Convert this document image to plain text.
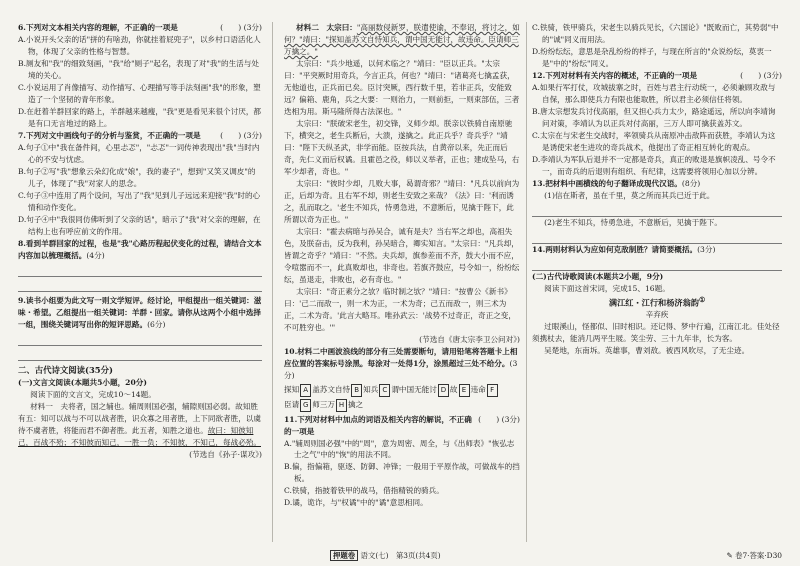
6.下列对文本相关内容的理解，不正确的一项是	(　　) (3分)

A.小说开头父亲的话"拼的有啥劲，你就挂着屁兜子"，以乡村口语活化人物，体现了父亲的性格与智慧。

B.厕友和"我"的细致刻画，"我"给"厕子"起名，表现了对"我"的生活与处境的关心。

C.小说运用了肖像描写、动作描写、心理描写等手法刻画"我"的形象，塑造了一个坚韧的青年形象。

D.在赶着羊群回家的路上，羊群越来越瘦，"我"更是看见来很个讨厌，都是有口无言地过的路上。

7.下列对文中画线句子的分析与鉴赏，不正确的一项是	(　　) (3分)

A.句子①中"我在备件间，心里忐忑"，"忐忑"一词传神表现出"我"当时内心的不安与忧虑。

B.句子②写"我"想象云朵幻化成"娘"，我的妻子"，想到"又笑又调皮"的儿子，体现了"我"对家人的思念。

C.句子③中连用了两个设问，写出了"我"见到儿子远远来迎接"我"时的心情和动作变化。

D.句子④中"我很同仿佛听到了父亲的话"，暗示了"我"对父亲的理解，在结构上也有呼应前文的作用。

8.看到羊群回家的过程，也是"我"心路历程起伏变化的过程，请结合文本内容加以梳理概括。(4分)

9.读书小组要为此文写一则文学短评。经讨论，甲组提出一组关键词：滋味・希望。乙组提出一组关键词：羊群・回家。请你从这两个小组中选择一组，围绕关键词写出你的短评思路。(6分)

二、古代诗文阅读(35分)

(一)文言文阅读(本题共5小题，20分)

阅读下面的文言文，完成10～14题。

材料一　夫将者，国之辅也。辅周则国必强，辅隙则国必弱。故知胜有五：知可以战与不可以战者胜，识众寡之用者胜，上下同欲者胜，以虞待不虞者胜，将能而君不御者胜。此五者，知胜之道也。故曰：知彼知己，百战不殆；不知彼而知己，一胜一负；不知彼，不知己，每战必殆。

(节选自《孙子·谋攻》)

材料二　太宗曰："高丽数侵新罗，朕遣使谕，不奉诏，将讨之，如何？"靖曰："探知盖苏文自恃知兵，谓中国无能讨，故违命。臣请师三万擒之。"

太宗曰："兵少地遥，以何术临之？"靖曰："臣以正兵。"太宗曰："平突厥时用奇兵，今言正兵，何也？"靖曰："诸葛亮七擒孟获，无他道也，正兵而已矣。臣讨突厥，西行数千里，若非正兵，安能致远？偏箱、鹿角，兵之大要：一则治力，一则前拒，一则束部伍，三者迭相为用。斯马隆所得古法深也。"

太宗曰："朕破宋老生，初交锋，义师少却。朕亲以铁骑自南原驰下，横突之，老生兵断后，大溃，遂擒之。此正兵乎？奇兵乎？"靖曰："陛下天纵圣武，非学而能。臣按兵法，自黄帝以来，先正而后奇，先仁义而后权谲。且霍邑之役，师以义举者，正也；建成坠马，右军少却者，奇也。"

太宗曰："彼时少却，几败大事，曷谓奇邪？"靖曰："凡兵以前向为正，后却为奇。且右军不却，则老生安致之来哉？《法》曰：'利而诱之，乱而取之。'老生不知兵，恃勇急进，不意断后，见擒于陛下，此所谓以奇为正也。"

太宗曰："霍去病暗与孙吴合，诚有是夫？当右军之却也，高祖失色，及朕奋击，反为我利，孙吴暗合，卿实知言。"太宗曰："凡兵却，皆谓之奇乎？"靖曰："不然。夫兵却，旗参差而不齐，鼓大小而不应，令喧嚣而不一，此真败却也，非奇也。若旗齐鼓应，号令如一，纷纷纭纭，虽退走，非败也，必有奇也。"

太宗曰："奇正素分之欤？临时制之欤？"靖曰："按曹公《新书》曰：'己二而敌一，则一术为正，一术为奇；己五而敌一，则三术为正，二术为奇。'此言大略耳。唯孙武云：'战势不过奇正，奇正之变，不可胜穷也。'"

(节选自《唐太宗李卫公问对》)

10.材料二中画波浪线的部分有三处需要断句，请用铅笔将答题卡上相应位置的答案标号涂黑。每涂对一处得1分，涂黑超过三处不给分。(3分)

探知 A 盖苏文自恃 B 知兵 C 谓中国无能讨 D 故 E 违命 F
臣请 G 师三万 H 擒之
11.下列对材料中加点的词语及相关内容的解说，不正确的一项是
(　　) (3分)

A."辅周则国必强"中的"周"，意为周密、周全，与《出师表》"恢弘志士之气"中的"恢"的用法不同。

B.偏，指偏箱，驱逐、防御、冲锋；一般用于平原作战，可做战车的挡板。

C.铁骑，指披着铁甲的战马，借指精锐的骑兵。

D.谲，诡诈，与"权谲"中的"谲"意思相同。

C.铁骑，铁甲骑兵，宋老生以骑兵见长，《六国论》"既败而亡，其势弱"中的"诚"同义而用法。

D.纷纷纭纭，意思是杂乱纷纷的样子，与现在所言的"众说纷纭，莫衷一是"中的"纷纭"同义。

12.下列对材料有关内容的概述，不正确的一项是	(　　) (3分)

A.如果行军打仗，攻城拔寨之时，百姓与君主行动统一，必须兼顾攻敌与自保，那么即使兵力有限也能取胜，所以君主必须信任将领。

B.唐太宗想发兵讨伐高丽，但又担心兵力太少，路途遥远，所以向李靖询问对策，李靖认为以正兵对付高丽，三万人即可擒获盖苏文。

C.太宗在与宋老生交战时，率领骑兵从南原冲击敌阵而获胜，李靖认为这是诱使宋老生进攻的奇兵战术，他提出了奇正相互转化的观点。

D.李靖认为军队后退并不一定都是奇兵，真正的败退是旗帜凌乱、号令不一，而奇兵的后退则有组织、有纪律，这需要将领用心加以分辨。

13.把材料中画横线的句子翻译成现代汉语。(8分)

(1)信在斯者，虽在千里，莫之所而其兵已近于此。

(2)老生不知兵，恃勇急进，不意断后，见擒于陛下。

14.两则材料认为应如何克敌制胜？请简要概括。(3分)

(二)古代诗歌阅读(本题共2小题，9分)

阅读下面这首宋词，完成15、16题。

满江红・江行和杨济翁韵①

辛弃疾

过眼溪山，怪都似、旧时相识。还记得、梦中行遍，江南江北。佳处径须携杖去，能消几两平生屐。笑尘劳、三十九年非，长为客。

吴楚地，东南坼。英雄事，曹刘敌。被西风吹尽，了无尘迹。

押题卷 语文(七)　第3页(共4页)	✎ 卷7·答案·D30
